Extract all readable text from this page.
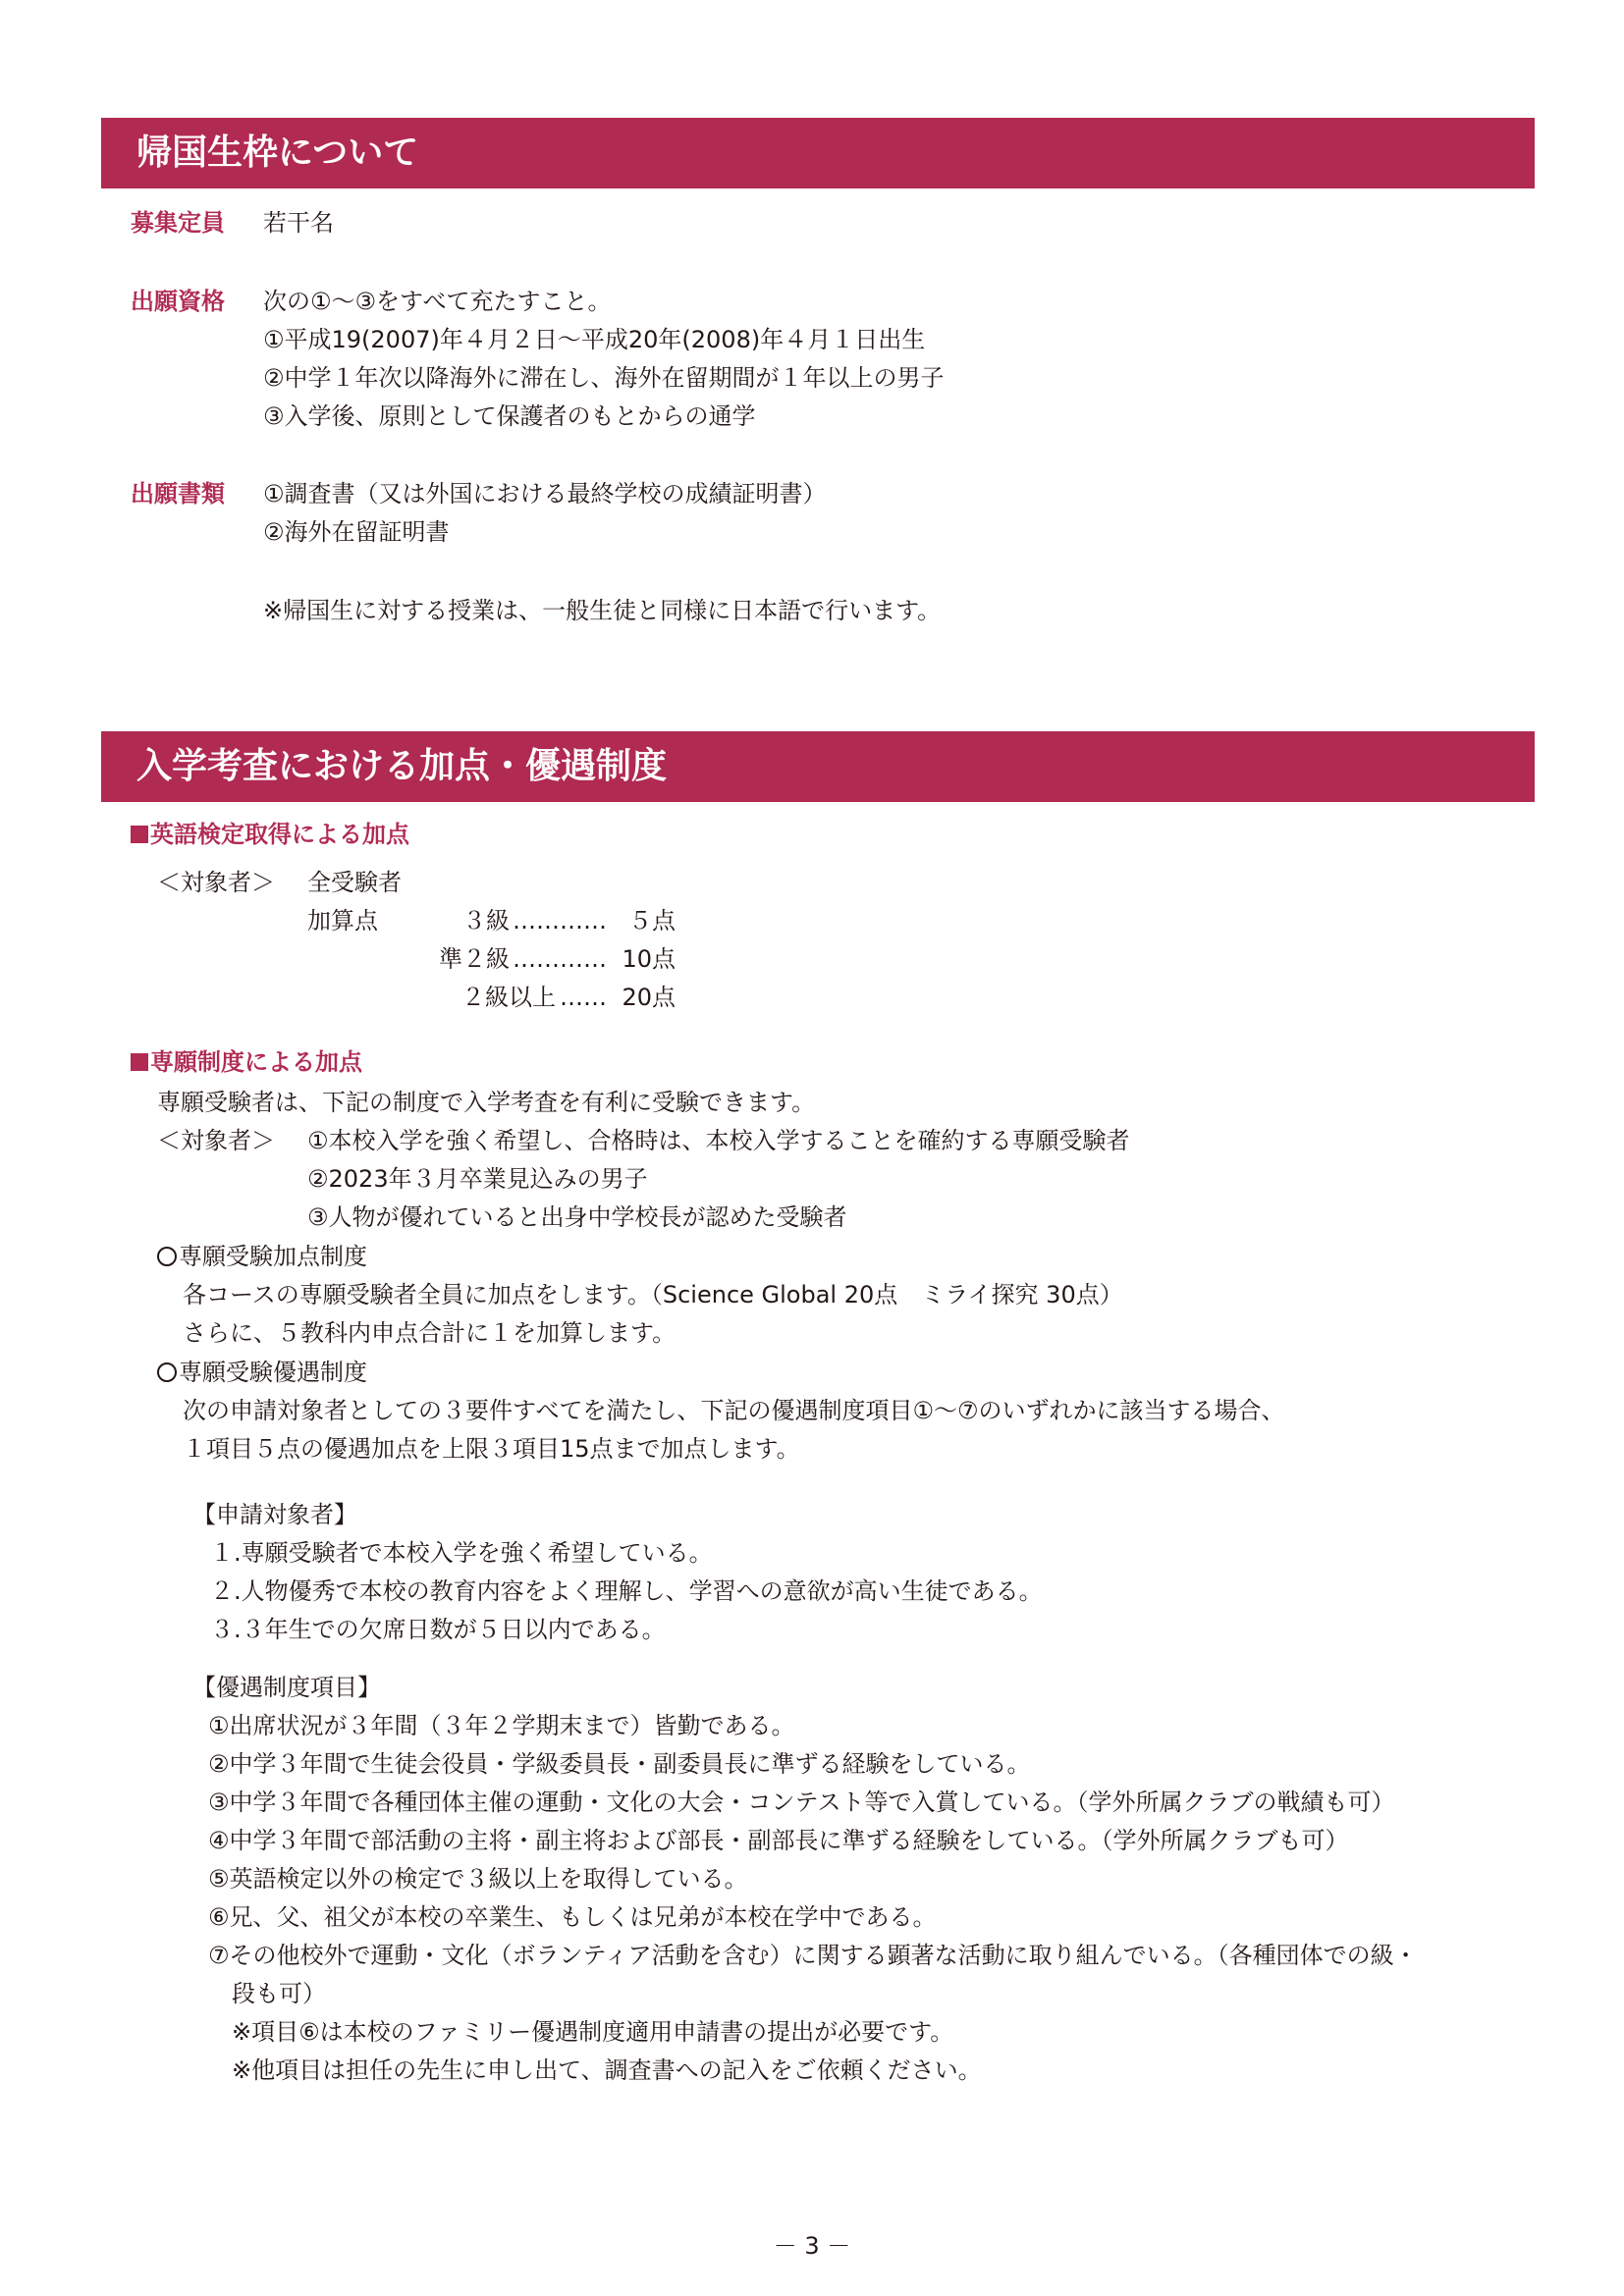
帰国生枠について
募集定員 若干名
出願資格 次の①～③をすべて充たすこと。
①平成19(2007)年４月２日～平成20年(2008)年４月１日出生
②中学１年次以降海外に滞在し、海外在留期間が１年以上の男子
③入学後、原則として保護者のもとからの通学
出願書類 ①調査書（又は外国における最終学校の成績証明書）
②海外在留証明書
※帰国生に対する授業は、一般生徒と同様に日本語で行います。
入学考査における加点・優遇制度
英語検定取得による加点
＜対象者＞ 全受験者
加算点	３級 ………… ５点
準２級 ………… 10点
２級以上 …… 20点
専願制度による加点
専願受験者は、下記の制度で入学考査を有利に受験できます。
＜対象者＞ ①本校入学を強く希望し、合格時は、本校入学することを確約する専願受験者
②2023年３月卒業見込みの男子
③人物が優れていると出身中学校長が認めた受験者
専願受験加点制度
各コースの専願受験者全員に加点をします。（Science Global 20点　ミライ探究 30点）
さらに、５教科内申点合計に１を加算します。
専願受験優遇制度
次の申請対象者としての３要件すべてを満たし、下記の優遇制度項目①～⑦のいずれかに該当する場合、
１項目５点の優遇加点を上限３項目15点まで加点します。
【申請対象者】
１.専願受験者で本校入学を強く希望している。
２.人物優秀で本校の教育内容をよく理解し、学習への意欲が高い生徒である。
３.３年生での欠席日数が５日以内である。
【優遇制度項目】
①出席状況が３年間（３年２学期末まで）皆勤である。
②中学３年間で生徒会役員・学級委員長・副委員長に準ずる経験をしている。
③中学３年間で各種団体主催の運動・文化の大会・コンテスト等で入賞している。（学外所属クラブの戦績も可）
④中学３年間で部活動の主将・副主将および部長・副部長に準ずる経験をしている。（学外所属クラブも可）
⑤英語検定以外の検定で３級以上を取得している。
⑥兄、父、祖父が本校の卒業生、もしくは兄弟が本校在学中である。
⑦その他校外で運動・文化（ボランティア活動を含む）に関する顕著な活動に取り組んでいる。（各種団体での級・
段も可）
※項目⑥は本校のファミリー優遇制度適用申請書の提出が必要です。
※他項目は担任の先生に申し出て、調査書への記入をご依頼ください。
－ 3 －
